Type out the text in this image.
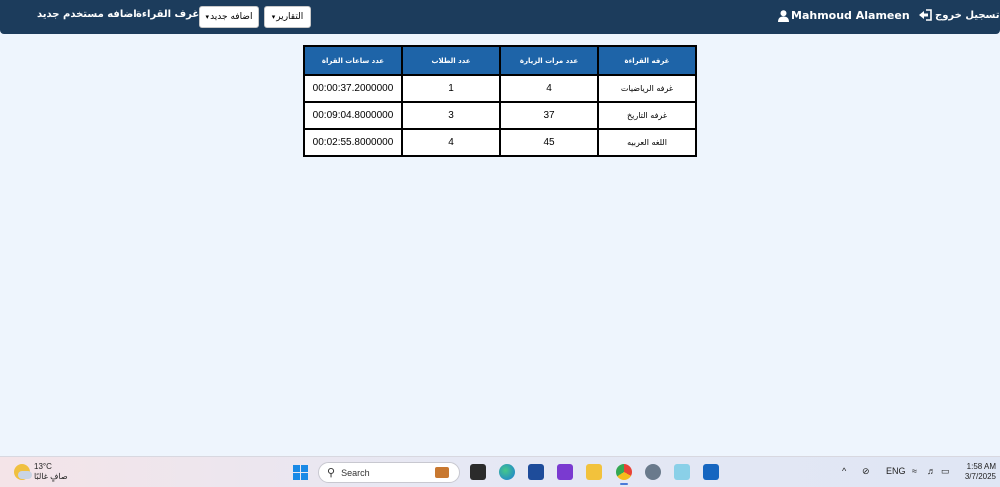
اضافه مستخدم جديد غرف القراءة ▾ اضافه جديد	▾ التقارير	Mahmoud Alameen	تسجيل خروج
غرفه القراءة	عدد مرات الزيارة	عدد الطلاب	عدد ساعات القراة
غرفه الرياضيات	4	1	00:00:37.2000000
غرفه التاريخ	37	3	00:09:04.8000000
اللغه العربيه	45	4	00:02:55.8000000
13°C
صافٍ غالبًا	⚲ Search	^ ⊘ ENG ≈ ♬ ▭	1:58 AM
3/7/2025
